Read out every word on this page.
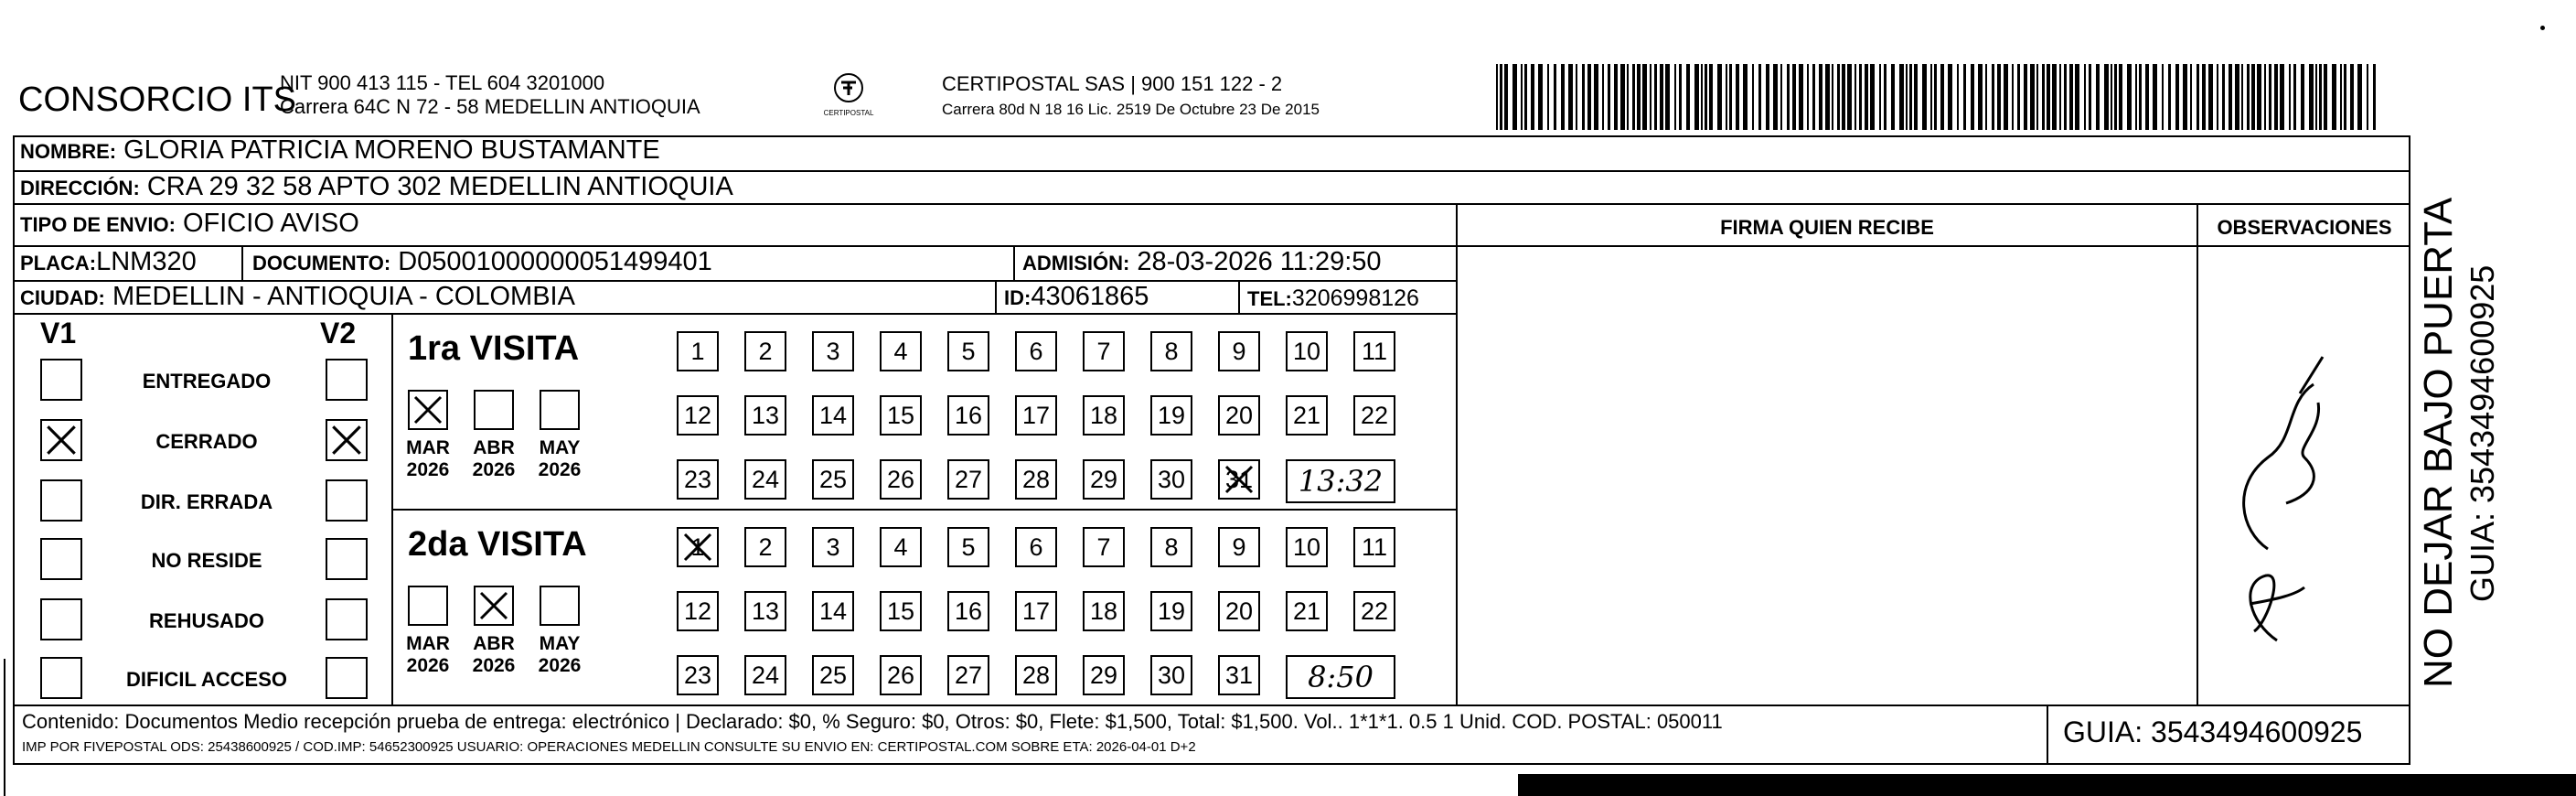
CONSORCIO ITS
NIT 900 413 115 - TEL 604 3201000
Carrera 64C N 72 - 58 MEDELLIN ANTIOQUIA	CERTIPOSTAL
CERTIPOSTAL SAS | 900 151 122 - 2
Carrera 80d N 18 16 Lic. 2519 De Octubre 23 De 2015
NOMBRE: GLORIA PATRICIA MORENO BUSTAMANTE
DIRECCIÓN: CRA 29 32 58 APTO 302 MEDELLIN ANTIOQUIA
TIPO DE ENVIO: OFICIO AVISO
PLACA:LNM320	DOCUMENTO: D05001000000051499401	ADMISIÓN: 28-03-2026 11:29:50
CIUDAD: MEDELLIN - ANTIOQUIA - COLOMBIA	ID:43061865	TEL:3206998126
FIRMA QUIEN RECIBE	OBSERVACIONES
V1	V2
ENTREGADO
CERRADO
DIR. ERRADA
NO RESIDE
REHUSADO
DIFICIL ACCESO
1ra VISITA
MAR
2026
ABR
2026
MAY
2026
1	2	3	4	5	6	7	8	9	10	11
12 13 14 15 16 17 18 19 20 21 22
23 24 25 26 27 28 29 30 31	13:32
2da VISITA
MAR
2026
ABR
2026
MAY
2026
1	2	3	4	5	6	7	8	9	10	11
12 13 14 15 16 17 18 19 20 21 22
23 24 25 26 27 28 29 30 31	8:50
Contenido: Documentos Medio recepción prueba de entrega: electrónico | Declarado: $0, % Seguro: $0, Otros: $0, Flete: $1,500, Total: $1,500. Vol.. 1*1*1. 0.5 1 Unid. COD. POSTAL: 050011
IMP POR FIVEPOSTAL ODS: 25438600925 / COD.IMP: 54652300925 USUARIO: OPERACIONES MEDELLIN CONSULTE SU ENVIO EN: CERTIPOSTAL.COM SOBRE ETA: 2026-04-01 D+2	GUIA: 3543494600925
NO DEJAR BAJO PUERTA GUIA: 3543494600925
